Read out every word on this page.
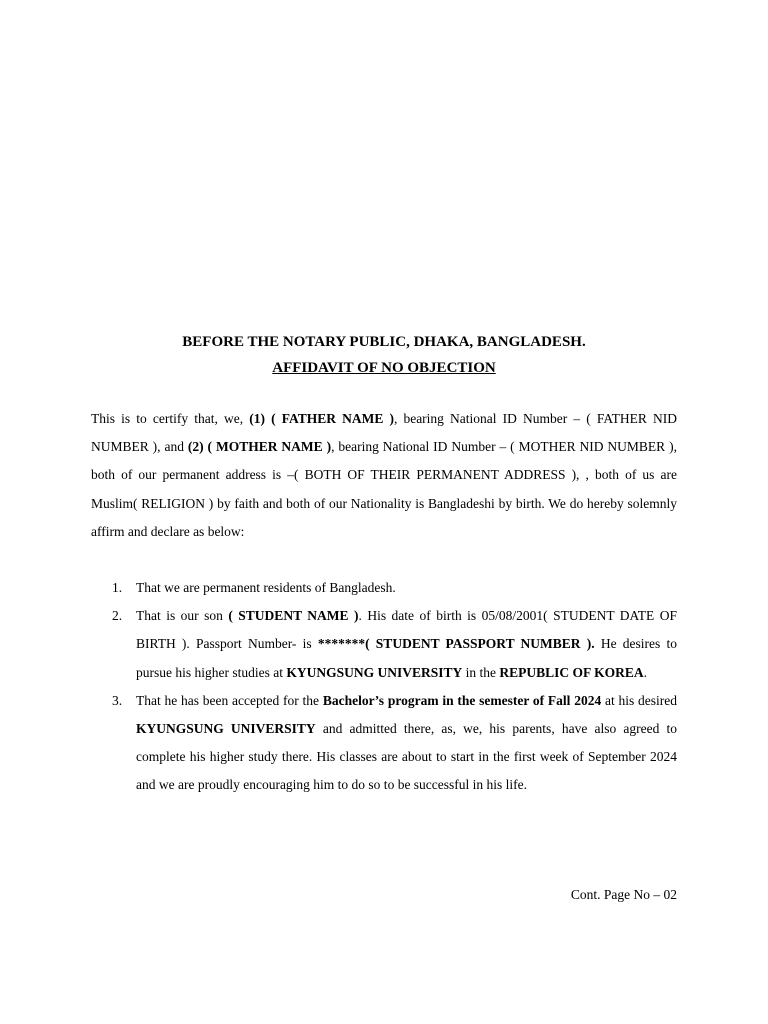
BEFORE THE NOTARY PUBLIC, DHAKA, BANGLADESH.
AFFIDAVIT OF NO OBJECTION
This is to certify that, we, (1) ( FATHER NAME ), bearing National ID Number – ( FATHER NID NUMBER ), and (2) ( MOTHER NAME ), bearing National ID Number – ( MOTHER NID NUMBER ), both of our permanent address is –( BOTH OF THEIR PERMANENT ADDRESS ), , both of us are Muslim( RELIGION ) by faith and both of our Nationality is Bangladeshi by birth. We do hereby solemnly affirm and declare as below:
1. That we are permanent residents of Bangladesh.
2. That is our son ( STUDENT NAME ). His date of birth is 05/08/2001( STUDENT DATE OF BIRTH ). Passport Number- is *******( STUDENT PASSPORT NUMBER ). He desires to pursue his higher studies at KYUNGSUNG UNIVERSITY in the REPUBLIC OF KOREA.
3. That he has been accepted for the Bachelor’s program in the semester of Fall 2024 at his desired KYUNGSUNG UNIVERSITY and admitted there, as, we, his parents, have also agreed to complete his higher study there. His classes are about to start in the first week of September 2024 and we are proudly encouraging him to do so to be successful in his life.
Cont. Page No – 02
